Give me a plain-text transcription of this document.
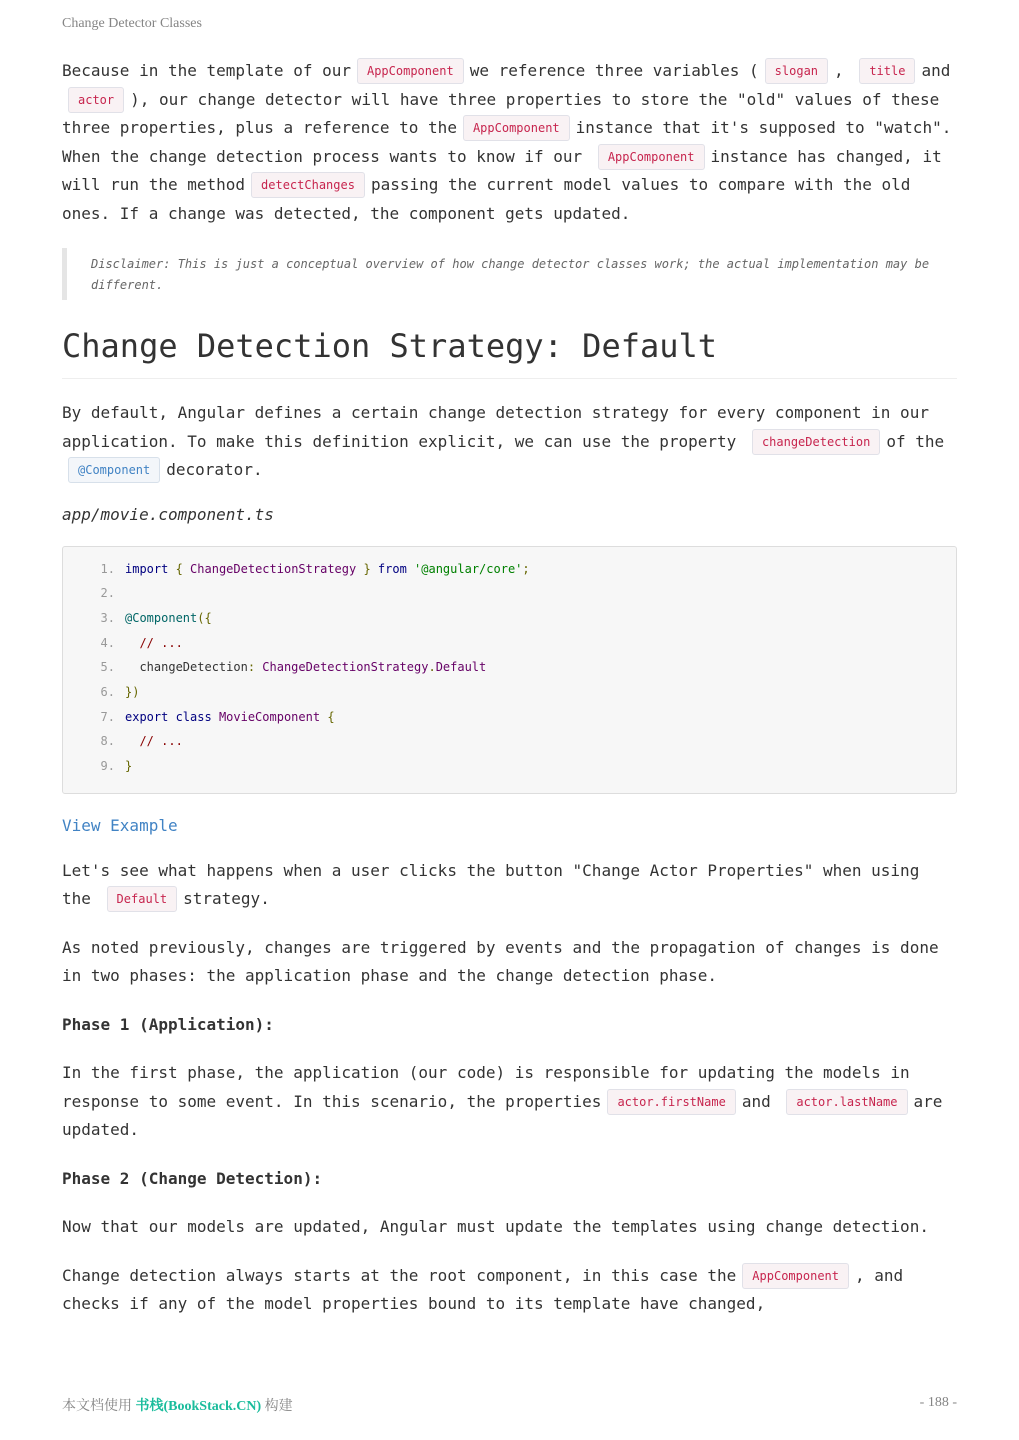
Change Detector Classes

Because in the template of our AppComponent we reference three variables ( slogan , title andactor ), our change detector will have three properties to store the "old" values of these three properties, plus a reference to the AppComponent instance that it's supposed to "watch". When the change detection process wants to know if our AppComponent instance has changed, it will run the method detectChanges passing the current model values to compare with the old ones. If a change was detected, the component gets updated.

Disclaimer: This is just a conceptual overview of how change detector classes work; the actual implementation may be different.
Change Detection Strategy: Default

By default, Angular defines a certain change detection strategy for every component in our application. To make this definition explicit, we can use the property changeDetection of the@Component decorator.

app/movie.component.ts
1. import { ChangeDetectionStrategy } from '@angular/core';
2.
3. @Component({
4.  // ...
5.  changeDetection: ChangeDetectionStrategy.Default
6. })
7. export class MovieComponent {
8.  // ...
9. }
View Example

Let's see what happens when a user clicks the button "Change Actor Properties" when using the Default strategy.

As noted previously, changes are triggered by events and the propagation of changes is done in two phases: the application phase and the change detection phase.

Phase 1 (Application):

In the first phase, the application (our code) is responsible for updating the models in response to some event. In this scenario, the properties actor.firstName and actor.lastName are updated.

Phase 2 (Change Detection):

Now that our models are updated, Angular must update the templates using change detection.

Change detection always starts at the root component, in this case the AppComponent , and checks if any of the model properties bound to its template have changed,

本文档使用 书栈(BookStack.CN) 构建	- 188 -
